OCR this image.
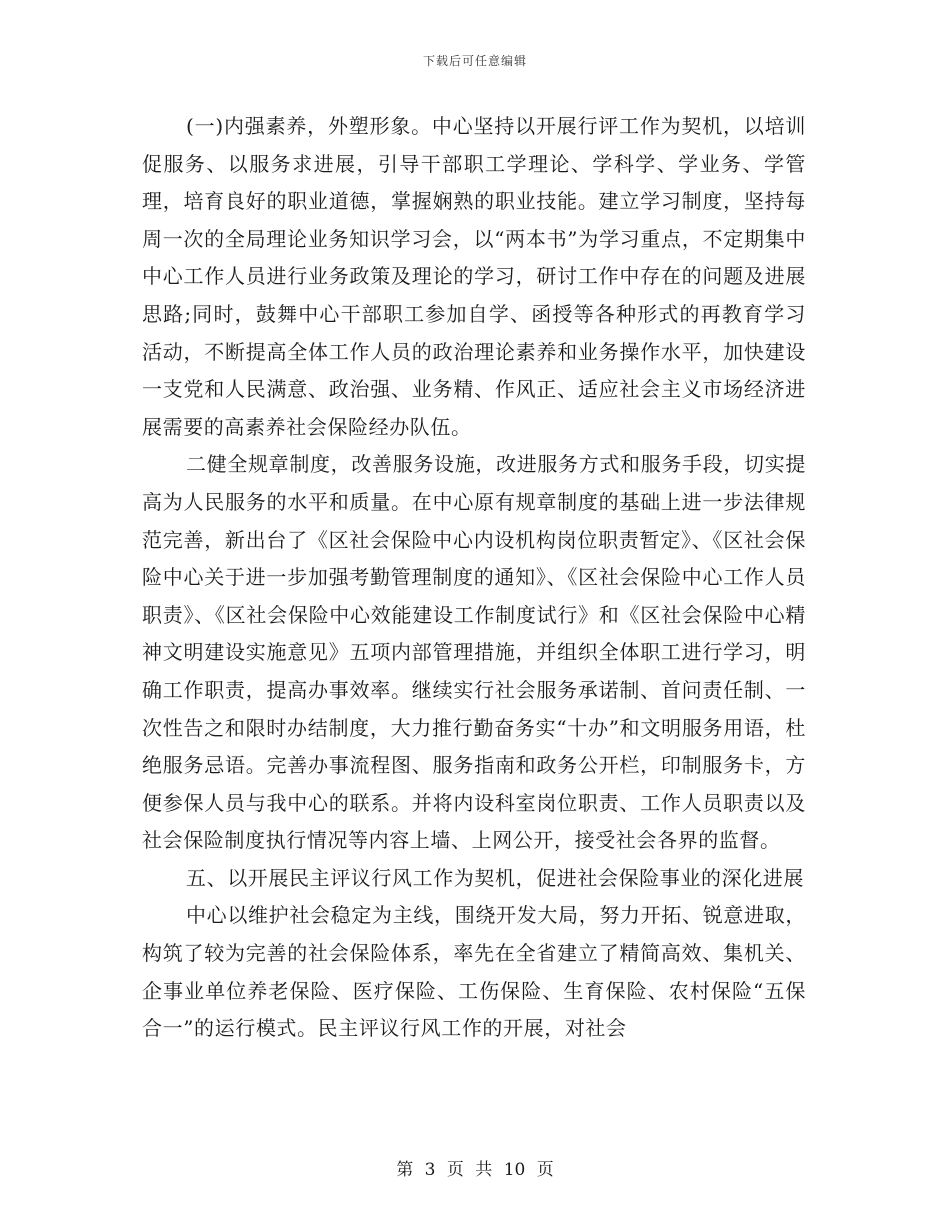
下载后可任意编辑

(一)内强素养，外塑形象。中心坚持以开展行评工作为契机，以培训促服务、以服务求进展，引导干部职工学理论、学科学、学业务、学管理，培育良好的职业道德，掌握娴熟的职业技能。建立学习制度，坚持每周一次的全局理论业务知识学习会，以“两本书”为学习重点，不定期集中中心工作人员进行业务政策及理论的学习，研讨工作中存在的问题及进展思路;同时，鼓舞中心干部职工参加自学、函授等各种形式的再教育学习活动，不断提高全体工作人员的政治理论素养和业务操作水平，加快建设一支党和人民满意、政治强、业务精、作风正、适应社会主义市场经济进展需要的高素养社会保险经办队伍。

二健全规章制度，改善服务设施，改进服务方式和服务手段，切实提高为人民服务的水平和质量。在中心原有规章制度的基础上进一步法律规范完善，新出台了《区社会保险中心内设机构岗位职责暂定》、《区社会保险中心关于进一步加强考勤管理制度的通知》、《区社会保险中心工作人员职责》、《区社会保险中心效能建设工作制度试行》和《区社会保险中心精神文明建设实施意见》五项内部管理措施，并组织全体职工进行学习，明确工作职责，提高办事效率。继续实行社会服务承诺制、首问责任制、一次性告之和限时办结制度，大力推行勤奋务实“十办”和文明服务用语，杜绝服务忌语。完善办事流程图、服务指南和政务公开栏，印制服务卡，方便参保人员与我中心的联系。并将内设科室岗位职责、工作人员职责以及社会保险制度执行情况等内容上墙、上网公开，接受社会各界的监督。

五、以开展民主评议行风工作为契机，促进社会保险事业的深化进展

中心以维护社会稳定为主线，围绕开发大局，努力开拓、锐意进取，构筑了较为完善的社会保险体系，率先在全省建立了精简高效、集机关、企事业单位养老保险、医疗保险、工伤保险、生育保险、农村保险“五保合一”的运行模式。民主评议行风工作的开展，对社会

第 3 页 共 10 页
